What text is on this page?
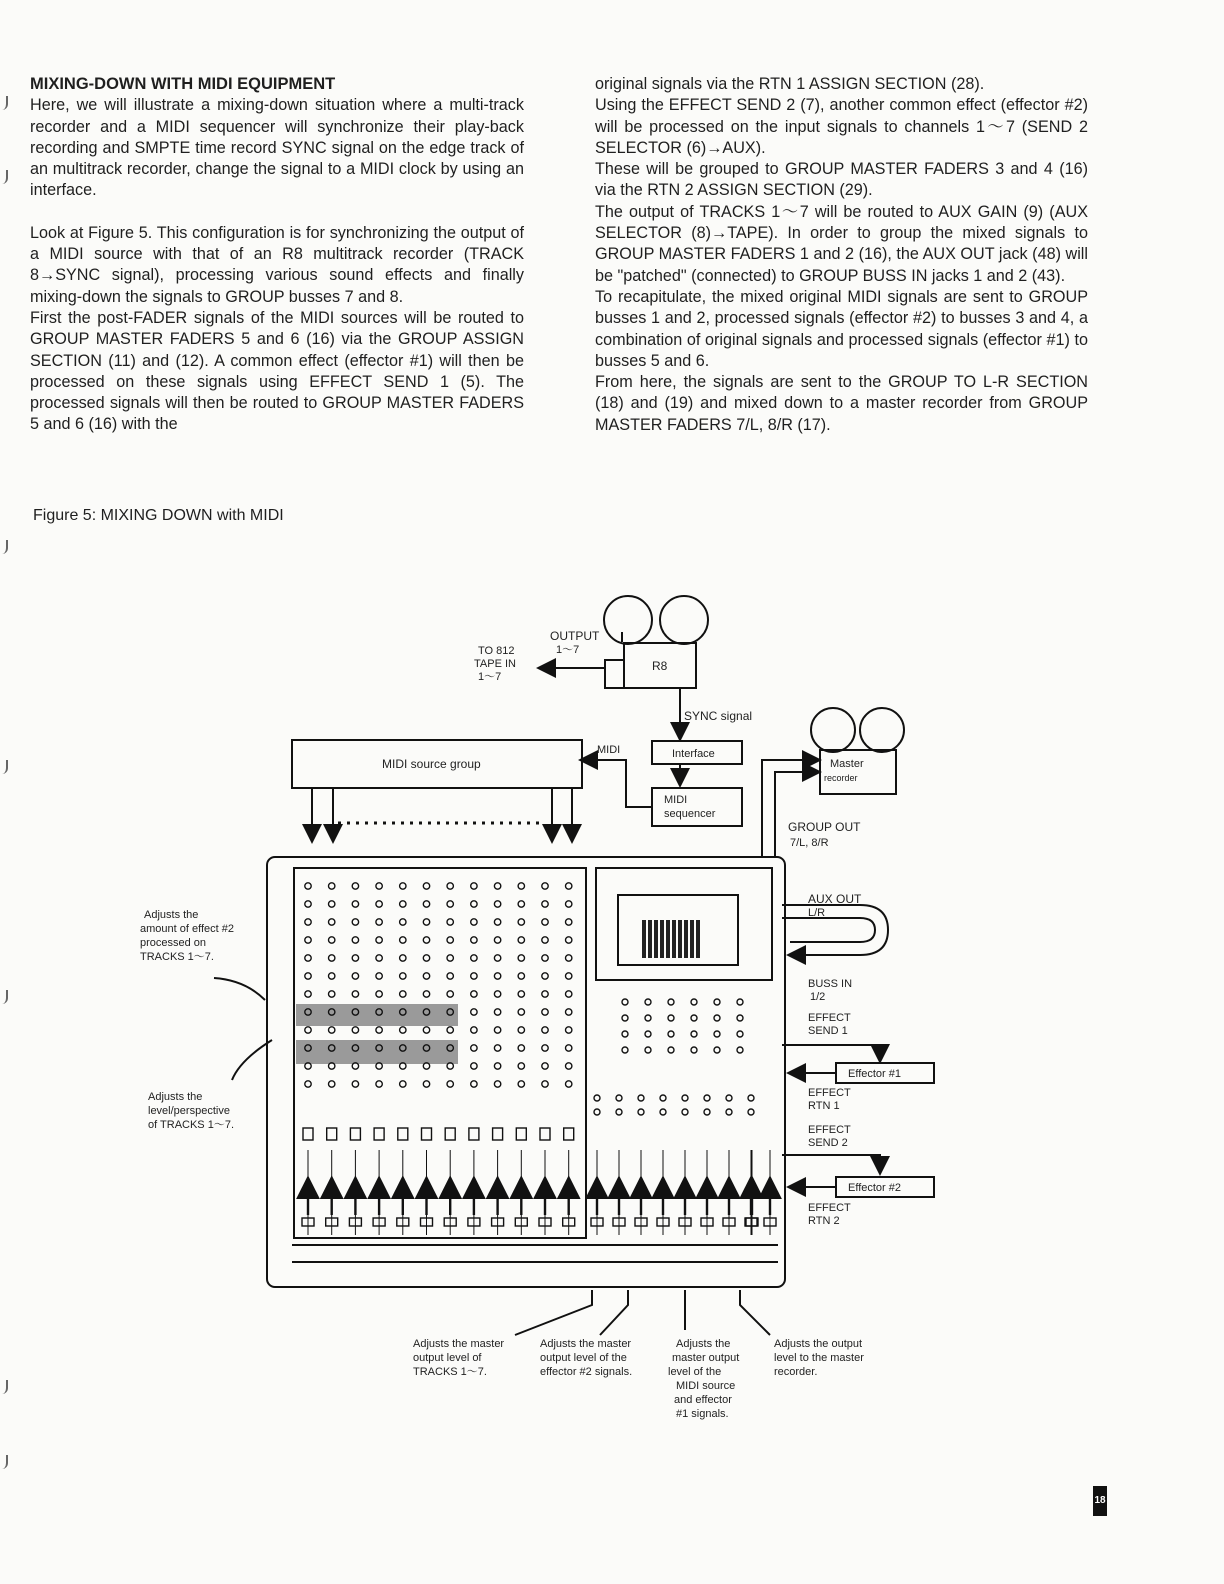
MIXING-DOWN WITH MIDI EQUIPMENT

Here, we will illustrate a mixing-down situation where a multi-track recorder and a MIDI sequencer will synchronize their play-back recording and SMPTE time record SYNC signal on the edge track of an multitrack recorder, change the signal to a MIDI clock by using an interface.

Look at Figure 5. This configuration is for synchronizing the output of a MIDI source with that of an R8 multitrack recorder (TRACK 8→SYNC signal), processing various sound effects and finally mixing-down the signals to GROUP busses 7 and 8.

First the post-FADER signals of the MIDI sources will be routed to GROUP MASTER FADERS 5 and 6 (16) via the GROUP ASSIGN SECTION (11) and (12). A common effect (effector #1) will then be processed on these signals using EFFECT SEND 1 (5). The processed signals will then be routed to GROUP MASTER FADERS 5 and 6 (16) with the

original signals via the RTN 1 ASSIGN SECTION (28).

Using the EFFECT SEND 2 (7), another common effect (effector #2) will be processed on the input signals to channels 1～7 (SEND 2 SELECTOR (6)→AUX).

These will be grouped to GROUP MASTER FADERS 3 and 4 (16) via the RTN 2 ASSIGN SECTION (29).

The output of TRACKS 1～7 will be routed to AUX GAIN (9) (AUX SELECTOR (8)→TAPE). In order to group the mixed signals to GROUP MASTER FADERS 1 and 2 (16), the AUX OUT jack (48) will be "patched" (connected) to GROUP BUSS IN jacks 1 and 2 (43).

To recapitulate, the mixed original MIDI signals are sent to GROUP busses 1 and 2, processed signals (effector #2) to busses 3 and 4, a combination of original signals and processed signals (effector #1) to busses 5 and 6.

From here, the signals are sent to the GROUP TO L-R SECTION (18) and (19) and mixed down to a master recorder from GROUP MASTER FADERS 7/L, 8/R (17).

Figure 5: MIXING DOWN with MIDI
TO 812
TAPE IN
1～7
OUTPUT
1～7
R8
SYNC signal
MIDI
MIDI source group
Interface
MIDI
sequencer
Master
recorder
GROUP OUT
7/L, 8/R
AUX OUT
L/R
BUSS IN
1/2
EFFECT
SEND 1
Effector #1
EFFECT
RTN 1
EFFECT
SEND 2
Effector #2
EFFECT
RTN 2
Adjusts the
amount of effect #2
processed on
TRACKS 1～7.
Adjusts the
level/perspective
of TRACKS 1～7.
Adjusts the master
output level of
TRACKS 1～7.
Adjusts the master
output level of the
effector #2 signals.
Adjusts the
master output
level of the
MIDI source
and effector
#1 signals.
Adjusts the output
level to the master
recorder.
18
